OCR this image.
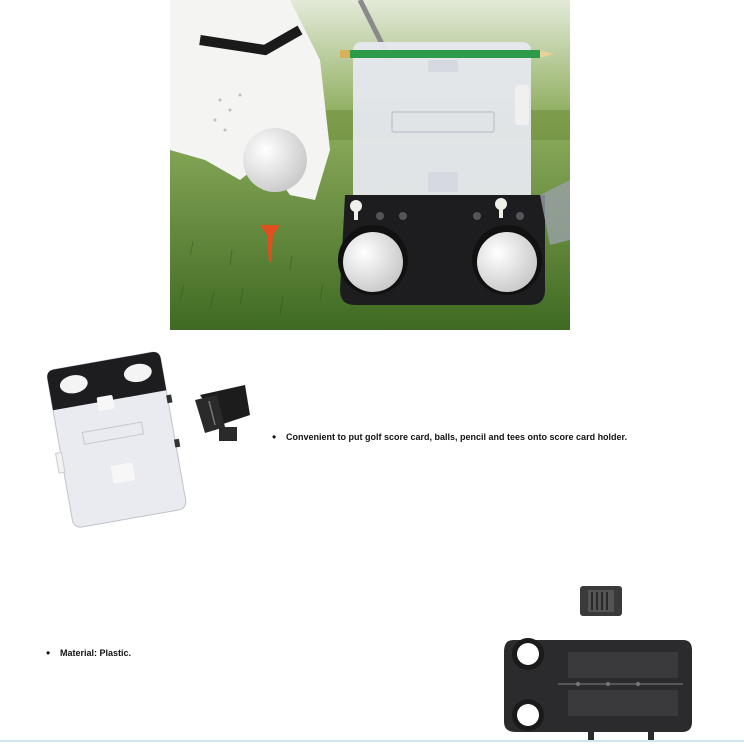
•	Convenient to put golf score card, balls, pencil and tees onto score card holder.
•	Material: Plastic.
